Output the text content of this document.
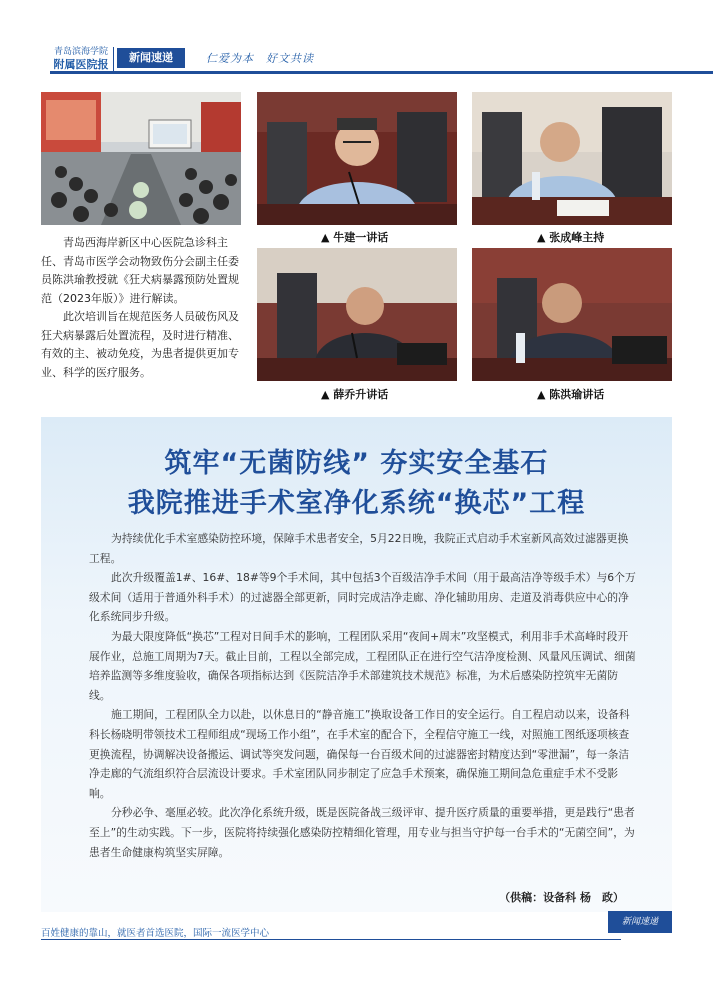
青岛滨海学院
附属医院报
新闻速递	仁爱为本　好文共读
▲ 牛建一讲话	▲ 张成峰主持

青岛西海岸新区中心医院急诊科主任、青岛市医学会动物致伤分会副主任委员陈洪瑜教授就《狂犬病暴露预防处置规范（2023年版）》进行解读。

此次培训旨在规范医务人员破伤风及狂犬病暴露后处置流程，及时进行精准、有效的主、被动免疫，为患者提供更加专业、科学的医疗服务。

▲ 薛乔升讲话	▲ 陈洪瑜讲话
筑牢“无菌防线” 夯实安全基石
我院推进手术室净化系统“换芯”工程

为持续优化手术室感染防控环境，保障手术患者安全，5月22日晚，我院正式启动手术室新风高效过滤器更换工程。

此次升级覆盖1#、16#、18#等9个手术间，其中包括3个百级洁净手术间（用于最高洁净等级手术）与6个万级术间（适用于普通外科手术）的过滤器全部更新，同时完成洁净走廊、净化辅助用房、走道及消毒供应中心的净化系统同步升级。

为最大限度降低“换芯”工程对日间手术的影响，工程团队采用“夜间+周末”攻坚模式，利用非手术高峰时段开展作业，总施工周期为7天。截止目前，工程以全部完成，工程团队正在进行空气洁净度检测、风量风压调试、细菌培养监测等多维度验收，确保各项指标达到《医院洁净手术部建筑技术规范》标准，为术后感染防控筑牢无菌防线。

施工期间，工程团队全力以赴，以休息日的“静音施工”换取设备工作日的安全运行。自工程启动以来，设备科科长杨晓明带领技术工程师组成“现场工作小组”，在手术室的配合下，全程信守施工一线，对照施工图纸逐项核查更换流程，协调解决设备搬运、调试等突发问题，确保每一台百级术间的过滤器密封精度达到“零泄漏”，每一条洁净走廊的气流组织符合层流设计要求。手术室团队同步制定了应急手术预案，确保施工期间急危重症手术不受影响。

分秒必争、毫厘必较。此次净化系统升级，既是医院备战三级评审、提升医疗质量的重要举措，更是践行“患者至上”的生动实践。下一步，医院将持续强化感染防控精细化管理，用专业与担当守护每一台手术的“无菌空间”，为患者生命健康构筑坚实屏障。

（供稿：设备科 杨　政）
新闻速递
百姓健康的靠山，就医者首选医院，国际一流医学中心
